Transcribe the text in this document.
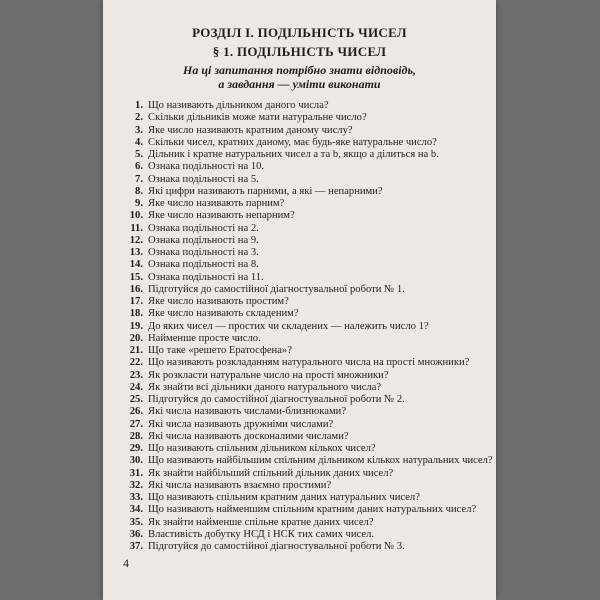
РОЗДІЛ І. ПОДІЛЬНІСТЬ ЧИСЕЛ
§ 1. ПОДІЛЬНІСТЬ ЧИСЕЛ
На ці запитання потрібно знати відповідь,
а завдання — уміти виконати
1. Що називають дільником даного числа?
2. Скільки дільників може мати натуральне число?
3. Яке число називають кратним даному числу?
4. Скільки чисел, кратних даному, має будь-яке натуральне число?
5. Дільник і кратне натуральних чисел a та b, якщо a ділиться на b.
6. Ознака подільності на 10.
7. Ознака подільності на 5.
8. Які цифри називають парними, а які — непарними?
9. Яке число називають парним?
10. Яке число називають непарним?
11. Ознака подільності на 2.
12. Ознака подільності на 9.
13. Ознака подільності на 3.
14. Ознака подільності на 8.
15. Ознака подільності на 11.
16. Підготуйся до самостійної діагностувальної роботи № 1.
17. Яке число називають простим?
18. Яке число називають складеним?
19. До яких чисел — простих чи складених — належить число 1?
20. Найменше просте число.
21. Що таке «решето Ератосфена»?
22. Що називають розкладанням натурального числа на прості множники?
23. Як розкласти натуральне число на прості множники?
24. Як знайти всі дільники даного натурального числа?
25. Підготуйся до самостійної діагностувальної роботи № 2.
26. Які числа називають числами-близнюками?
27. Які числа називають дружніми числами?
28. Які числа називають досконалими числами?
29. Що називають спільним дільником кількох чисел?
30. Що називають найбільшим спільним дільником кількох натуральних чисел?
31. Як знайти найбільший спільний дільник даних чисел?
32. Які числа називають взаємно простими?
33. Що називають спільним кратним даних натуральних чисел?
34. Що називають найменшим спільним кратним даних натуральних чисел?
35. Як знайти найменше спільне кратне даних чисел?
36. Властивість добутку НСД і НСК тих самих чисел.
37. Підготуйся до самостійної діагностувальної роботи № 3.
4
